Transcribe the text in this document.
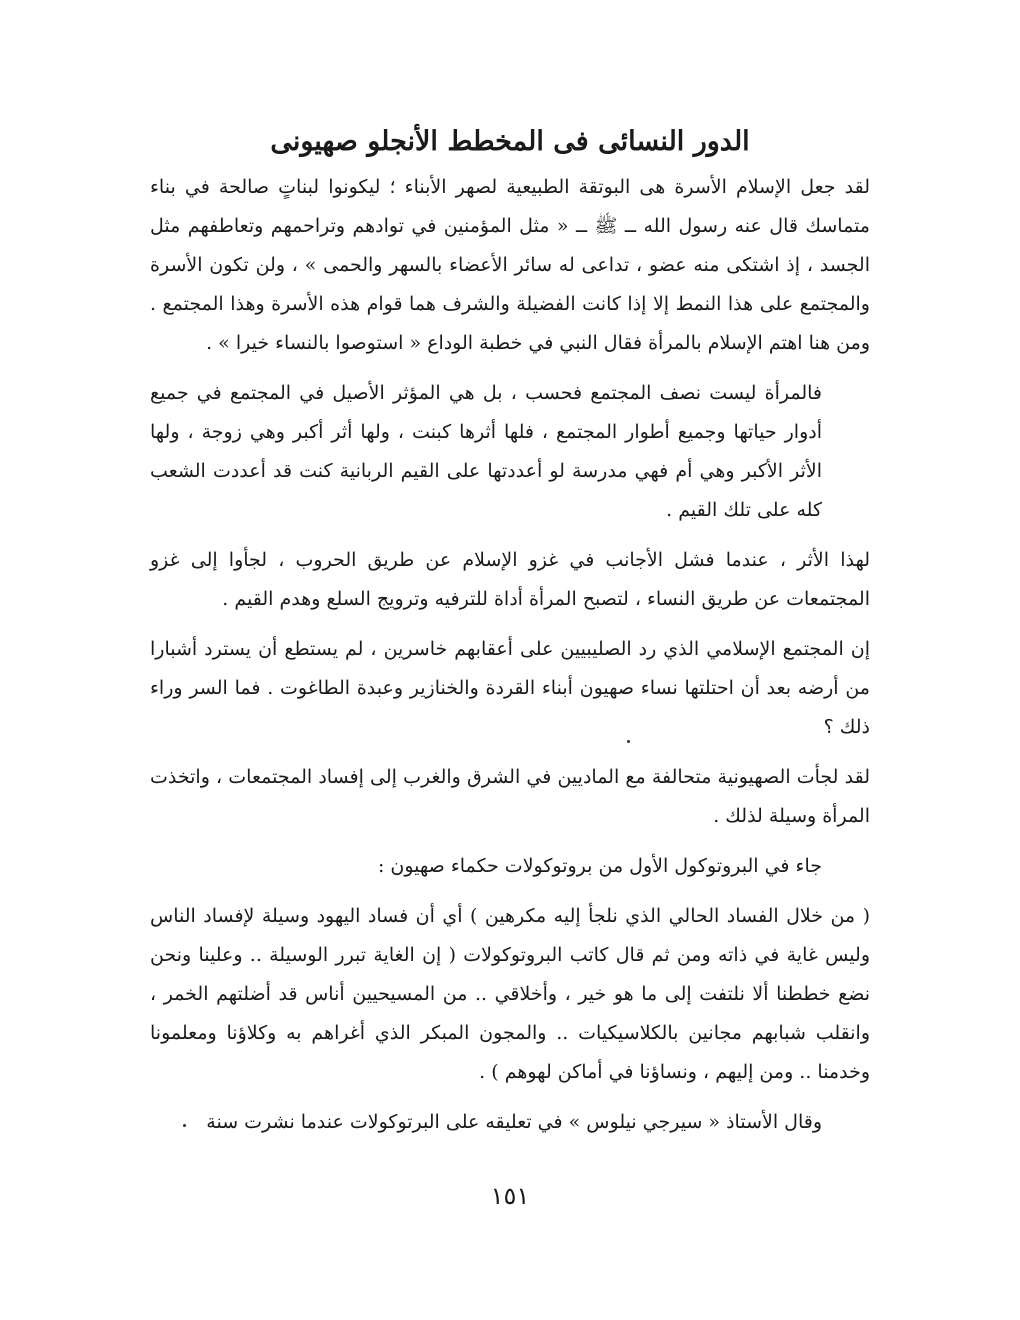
الدور النسائى فى المخطط الأنجلو صهيونى

لقد جعل الإسلام الأسرة هى البوتقة الطبيعية لصهر الأبناء ؛ ليكونوا لبناتٍ صالحة في بناء متماسك قال عنه رسول الله ــ ﷺ ــ « مثل المؤمنين في توادهم وتراحمهم وتعاطفهم مثل الجسد ، إذ اشتكى منه عضو ، تداعى له سائر الأعضاء بالسهر والحمى » ، ولن تكون الأسرة والمجتمع على هذا النمط إلا إذا كانت الفضيلة والشرف هما قوام هذه الأسرة وهذا المجتمع . ومن هنا اهتم الإسلام بالمرأة فقال النبي في خطبة الوداع « استوصوا بالنساء خيرا » .

فالمرأة ليست نصف المجتمع فحسب ، بل هي المؤثر الأصيل في المجتمع في جميع أدوار حياتها وجميع أطوار المجتمع ، فلها أثرها كبنت ، ولها أثر أكبر وهي زوجة ، ولها الأثر الأكبر وهي أم فهي مدرسة لو أعددتها على القيم الربانية كنت قد أعددت الشعب كله على تلك القيم .

لهذا الأثر ، عندما فشل الأجانب في غزو الإسلام عن طريق الحروب ، لجأوا إلى غزو المجتمعات عن طريق النساء ، لتصبح المرأة أداة للترفيه وترويج السلع وهدم القيم .

إن المجتمع الإسلامي الذي رد الصليبيين على أعقابهم خاسرين ، لم يستطع أن يسترد أشبارا من أرضه بعد أن احتلتها نساء صهيون أبناء القردة والخنازير وعبدة الطاغوت . فما السر وراء ذلك ؟

لقد لجأت الصهيونية متحالفة مع الماديين في الشرق والغرب إلى إفساد المجتمعات ، واتخذت المرأة وسيلة لذلك .

جاء في البروتوكول الأول من بروتوكولات حكماء صهيون :

( من خلال الفساد الحالي الذي نلجأ إليه مكرهين ) أي أن فساد اليهود وسيلة لإفساد الناس وليس غاية في ذاته ومن ثم قال كاتب البروتوكولات ( إن الغاية تبرر الوسيلة .. وعلينا ونحن نضع خططنا ألا نلتفت إلى ما هو خير ، وأخلاقي .. من المسيحيين أناس قد أضلتهم الخمر ، وانقلب شبابهم مجانين بالكلاسيكيات .. والمجون المبكر الذي أغراهم به وكلاؤنا ومعلمونا وخدمنا .. ومن إليهم ، ونساؤنا في أماكن لهوهم ) .

وقال الأستاذ « سيرجي نيلوس » في تعليقه على البرتوكولات عندما نشرت سنة

١٥١
